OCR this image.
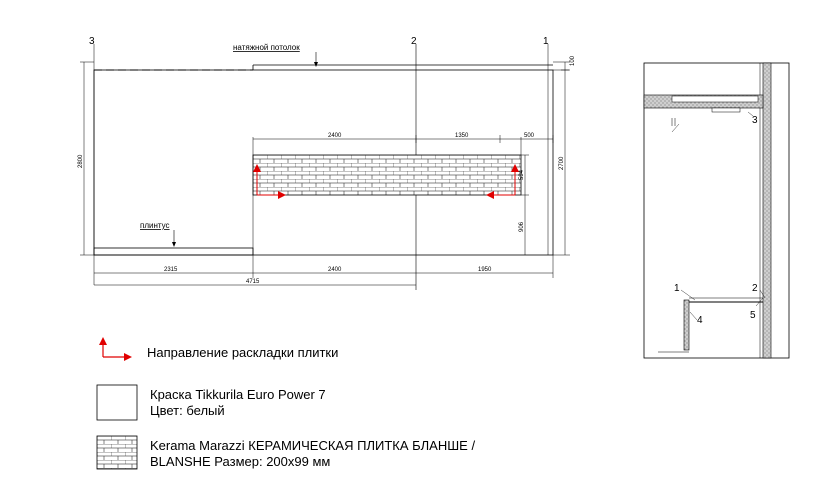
3	2	1
натяжной потолок
плинтус
2400	1350	500
594
906
2700
100
2800
2315	2400	1950
4715
3
1	2
4	5
Направление раскладки плитки
Краска Tikkurila Euro Power 7
Цвет: белый
Kerama Marazzi КЕРАМИЧЕСКАЯ ПЛИТКА БЛАНШЕ /
BLANSHE Размер: 200х99 мм
